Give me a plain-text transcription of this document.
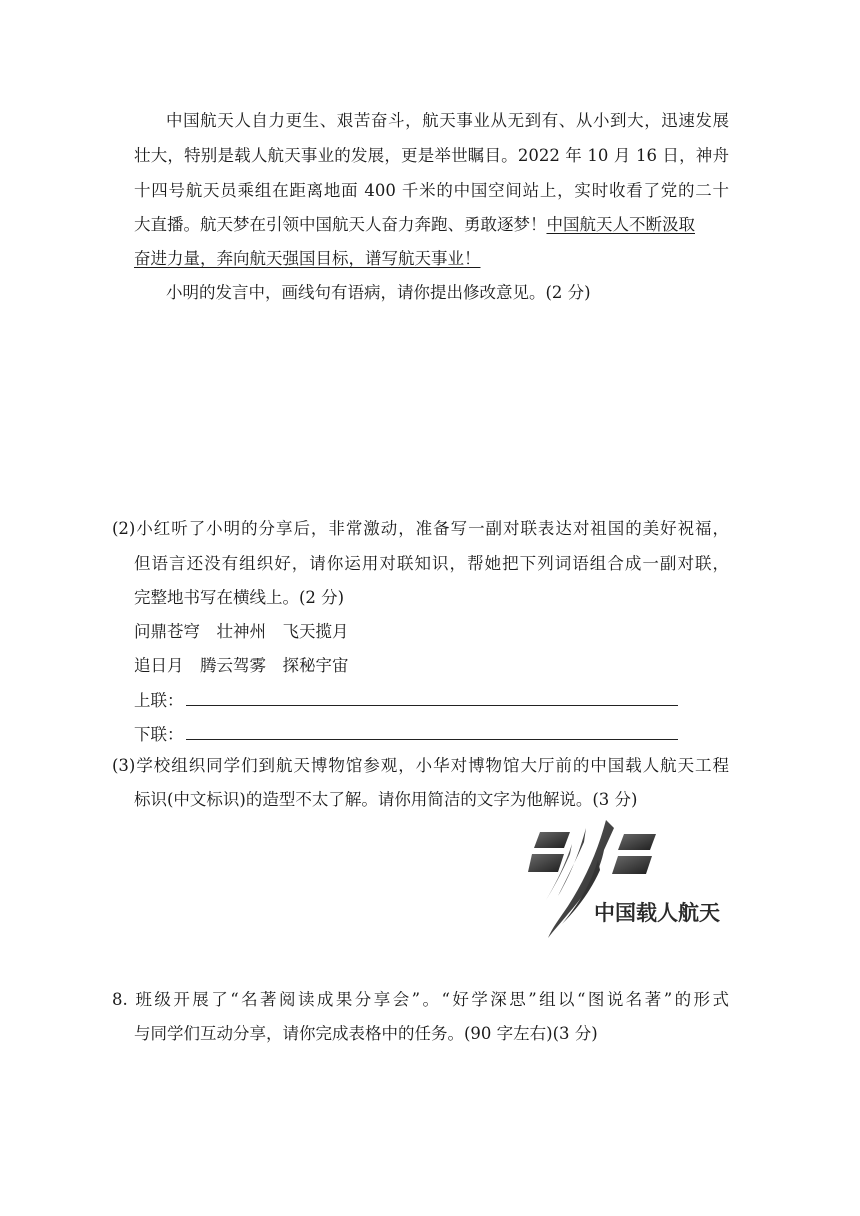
中国航天人自力更生、艰苦奋斗，航天事业从无到有、从小到大，迅速发展
壮大，特别是载人航天事业的发展，更是举世瞩目。2022 年 10 月 16 日，神舟
十四号航天员乘组在距离地面 400 千米的中国空间站上，实时收看了党的二十
大直播。航天梦在引领中国航天人奋力奔跑、勇敢逐梦！中国航天人不断汲取
奋进力量，奔向航天强国目标，谱写航天事业！
小明的发言中，画线句有语病，请你提出修改意见。(2 分)
(2)小红听了小明的分享后，非常激动，准备写一副对联表达对祖国的美好祝福，
但语言还没有组织好，请你运用对联知识，帮她把下列词语组合成一副对联，
完整地书写在横线上。(2 分)
问鼎苍穹　壮神州　飞天揽月
追日月　腾云驾雾　探秘宇宙
上联：
下联：
(3)学校组织同学们到航天博物馆参观，小华对博物馆大厅前的中国载人航天工程
标识(中文标识)的造型不太了解。请你用简洁的文字为他解说。(3 分)
中国载人航天
8. 班级开展了“名著阅读成果分享会”。“好学深思”组以“图说名著”的形式
与同学们互动分享，请你完成表格中的任务。(90 字左右)(3 分)
